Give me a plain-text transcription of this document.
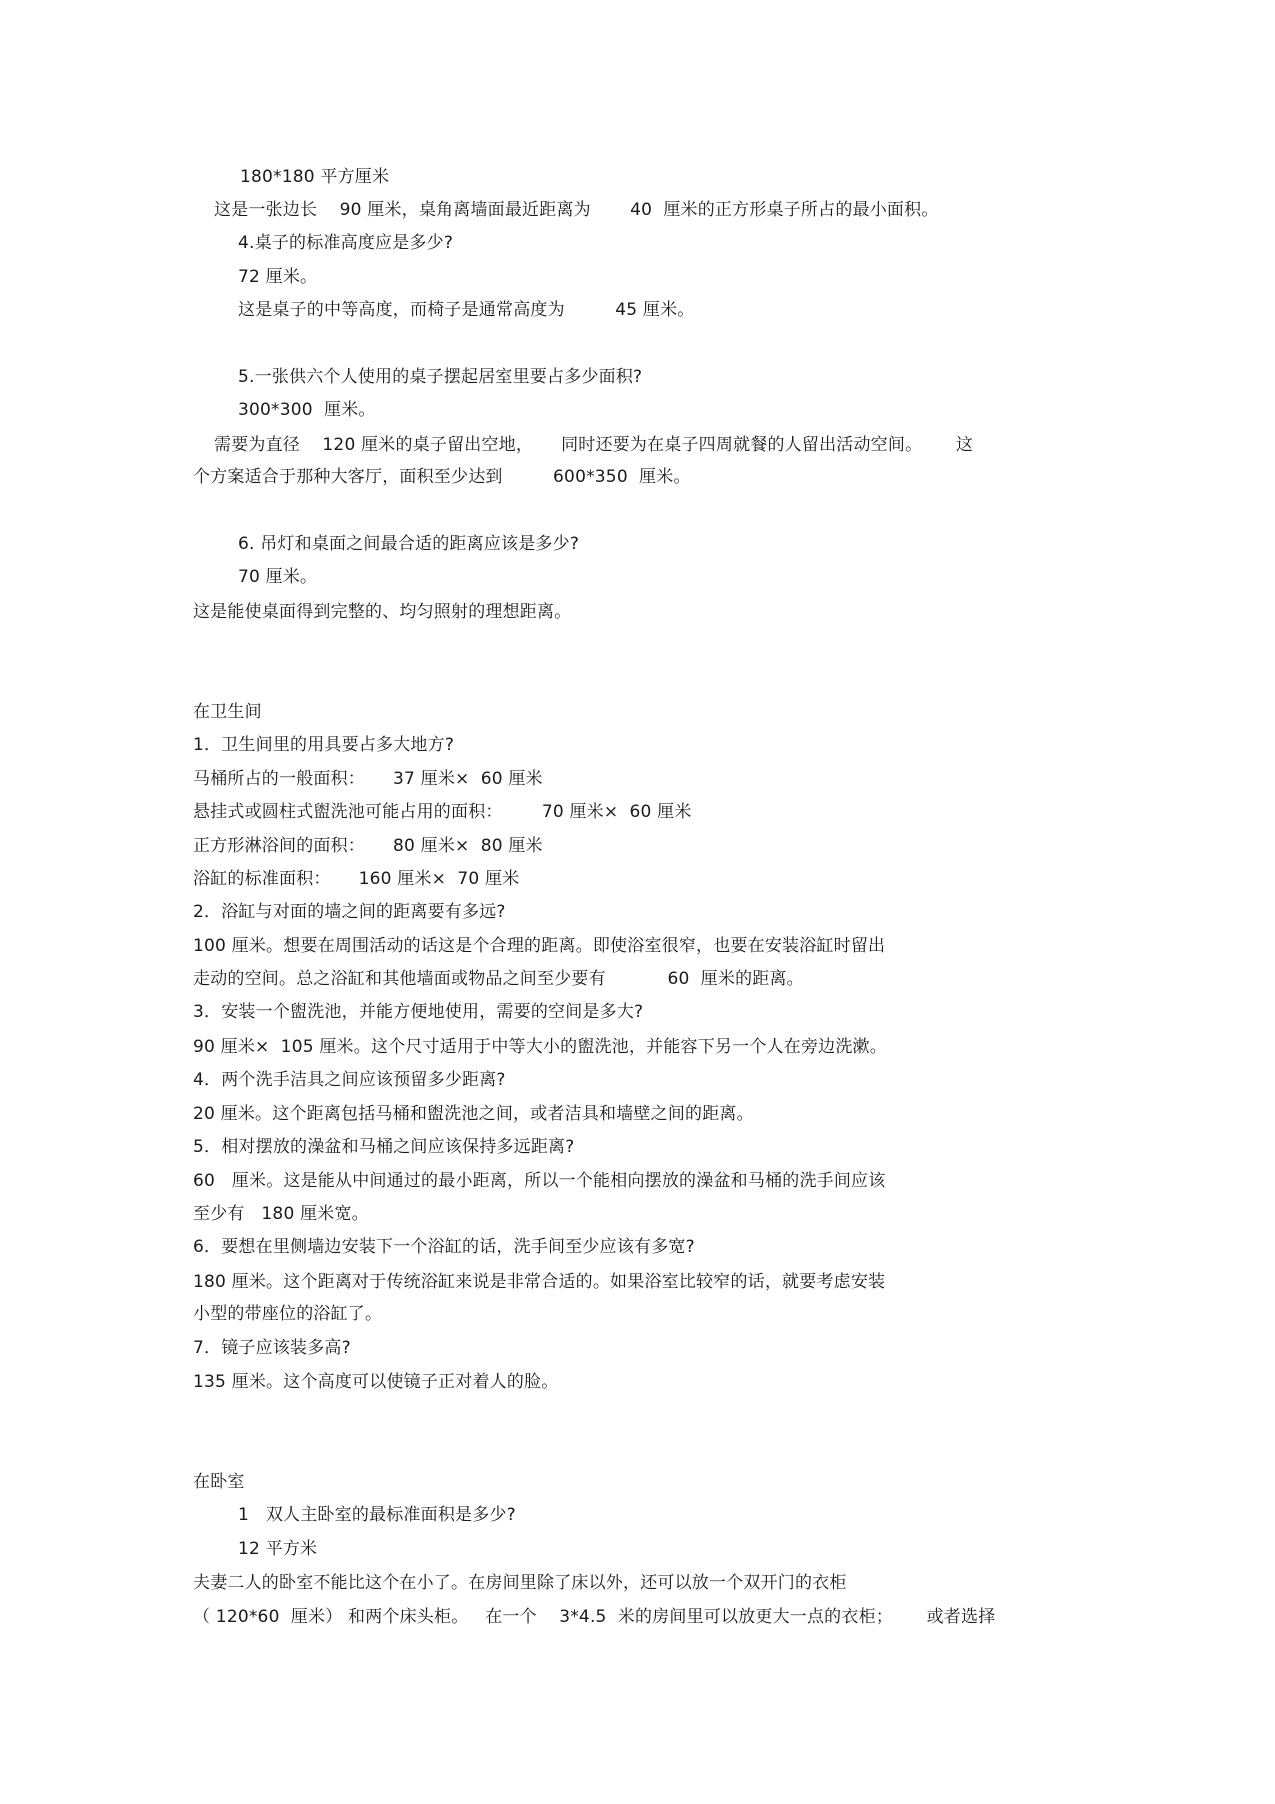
180*180 平方厘米
这是一张边长    90 厘米，桌角离墙面最近距离为       40  厘米的正方形桌子所占的最小面积。
4.桌子的标准高度应是多少?
72 厘米。
这是桌子的中等高度，而椅子是通常高度为         45 厘米。
5.一张供六个人使用的桌子摆起居室里要占多少面积?
300*300  厘米。
需要为直径    120 厘米的桌子留出空地，     同时还要为在桌子四周就餐的人留出活动空间。      这
个方案适合于那种大客厅，面积至少达到         600*350  厘米。
6. 吊灯和桌面之间最合适的距离应该是多少?
70 厘米。
这是能使桌面得到完整的、均匀照射的理想距离。
在卫生间
1．卫生间里的用具要占多大地方?
马桶所占的一般面积：     37 厘米×  60 厘米
悬挂式或圆柱式盥洗池可能占用的面积：       70 厘米×  60 厘米
正方形淋浴间的面积：     80 厘米×  80 厘米
浴缸的标准面积：     160 厘米×  70 厘米
2．浴缸与对面的墙之间的距离要有多远?
100 厘米。想要在周围活动的话这是个合理的距离。即使浴室很窄，也要在安装浴缸时留出
走动的空间。总之浴缸和其他墙面或物品之间至少要有           60  厘米的距离。
3．安装一个盥洗池，并能方便地使用，需要的空间是多大?
90 厘米×  105 厘米。这个尺寸适用于中等大小的盥洗池，并能容下另一个人在旁边洗漱。
4．两个洗手洁具之间应该预留多少距离?
20 厘米。这个距离包括马桶和盥洗池之间，或者洁具和墙壁之间的距离。
5．相对摆放的澡盆和马桶之间应该保持多远距离?
60   厘米。这是能从中间通过的最小距离，所以一个能相向摆放的澡盆和马桶的洗手间应该
至少有   180 厘米宽。
6．要想在里侧墙边安装下一个浴缸的话，洗手间至少应该有多宽?
180 厘米。这个距离对于传统浴缸来说是非常合适的。如果浴室比较窄的话，就要考虑安装
小型的带座位的浴缸了。
7．镜子应该装多高?
135 厘米。这个高度可以使镜子正对着人的脸。
在卧室
1   双人主卧室的最标准面积是多少?
12 平方米
夫妻二人的卧室不能比这个在小了。在房间里除了床以外，还可以放一个双开门的衣柜
（ 120*60  厘米） 和两个床头柜。   在一个    3*4.5  米的房间里可以放更大一点的衣柜；      或者选择
